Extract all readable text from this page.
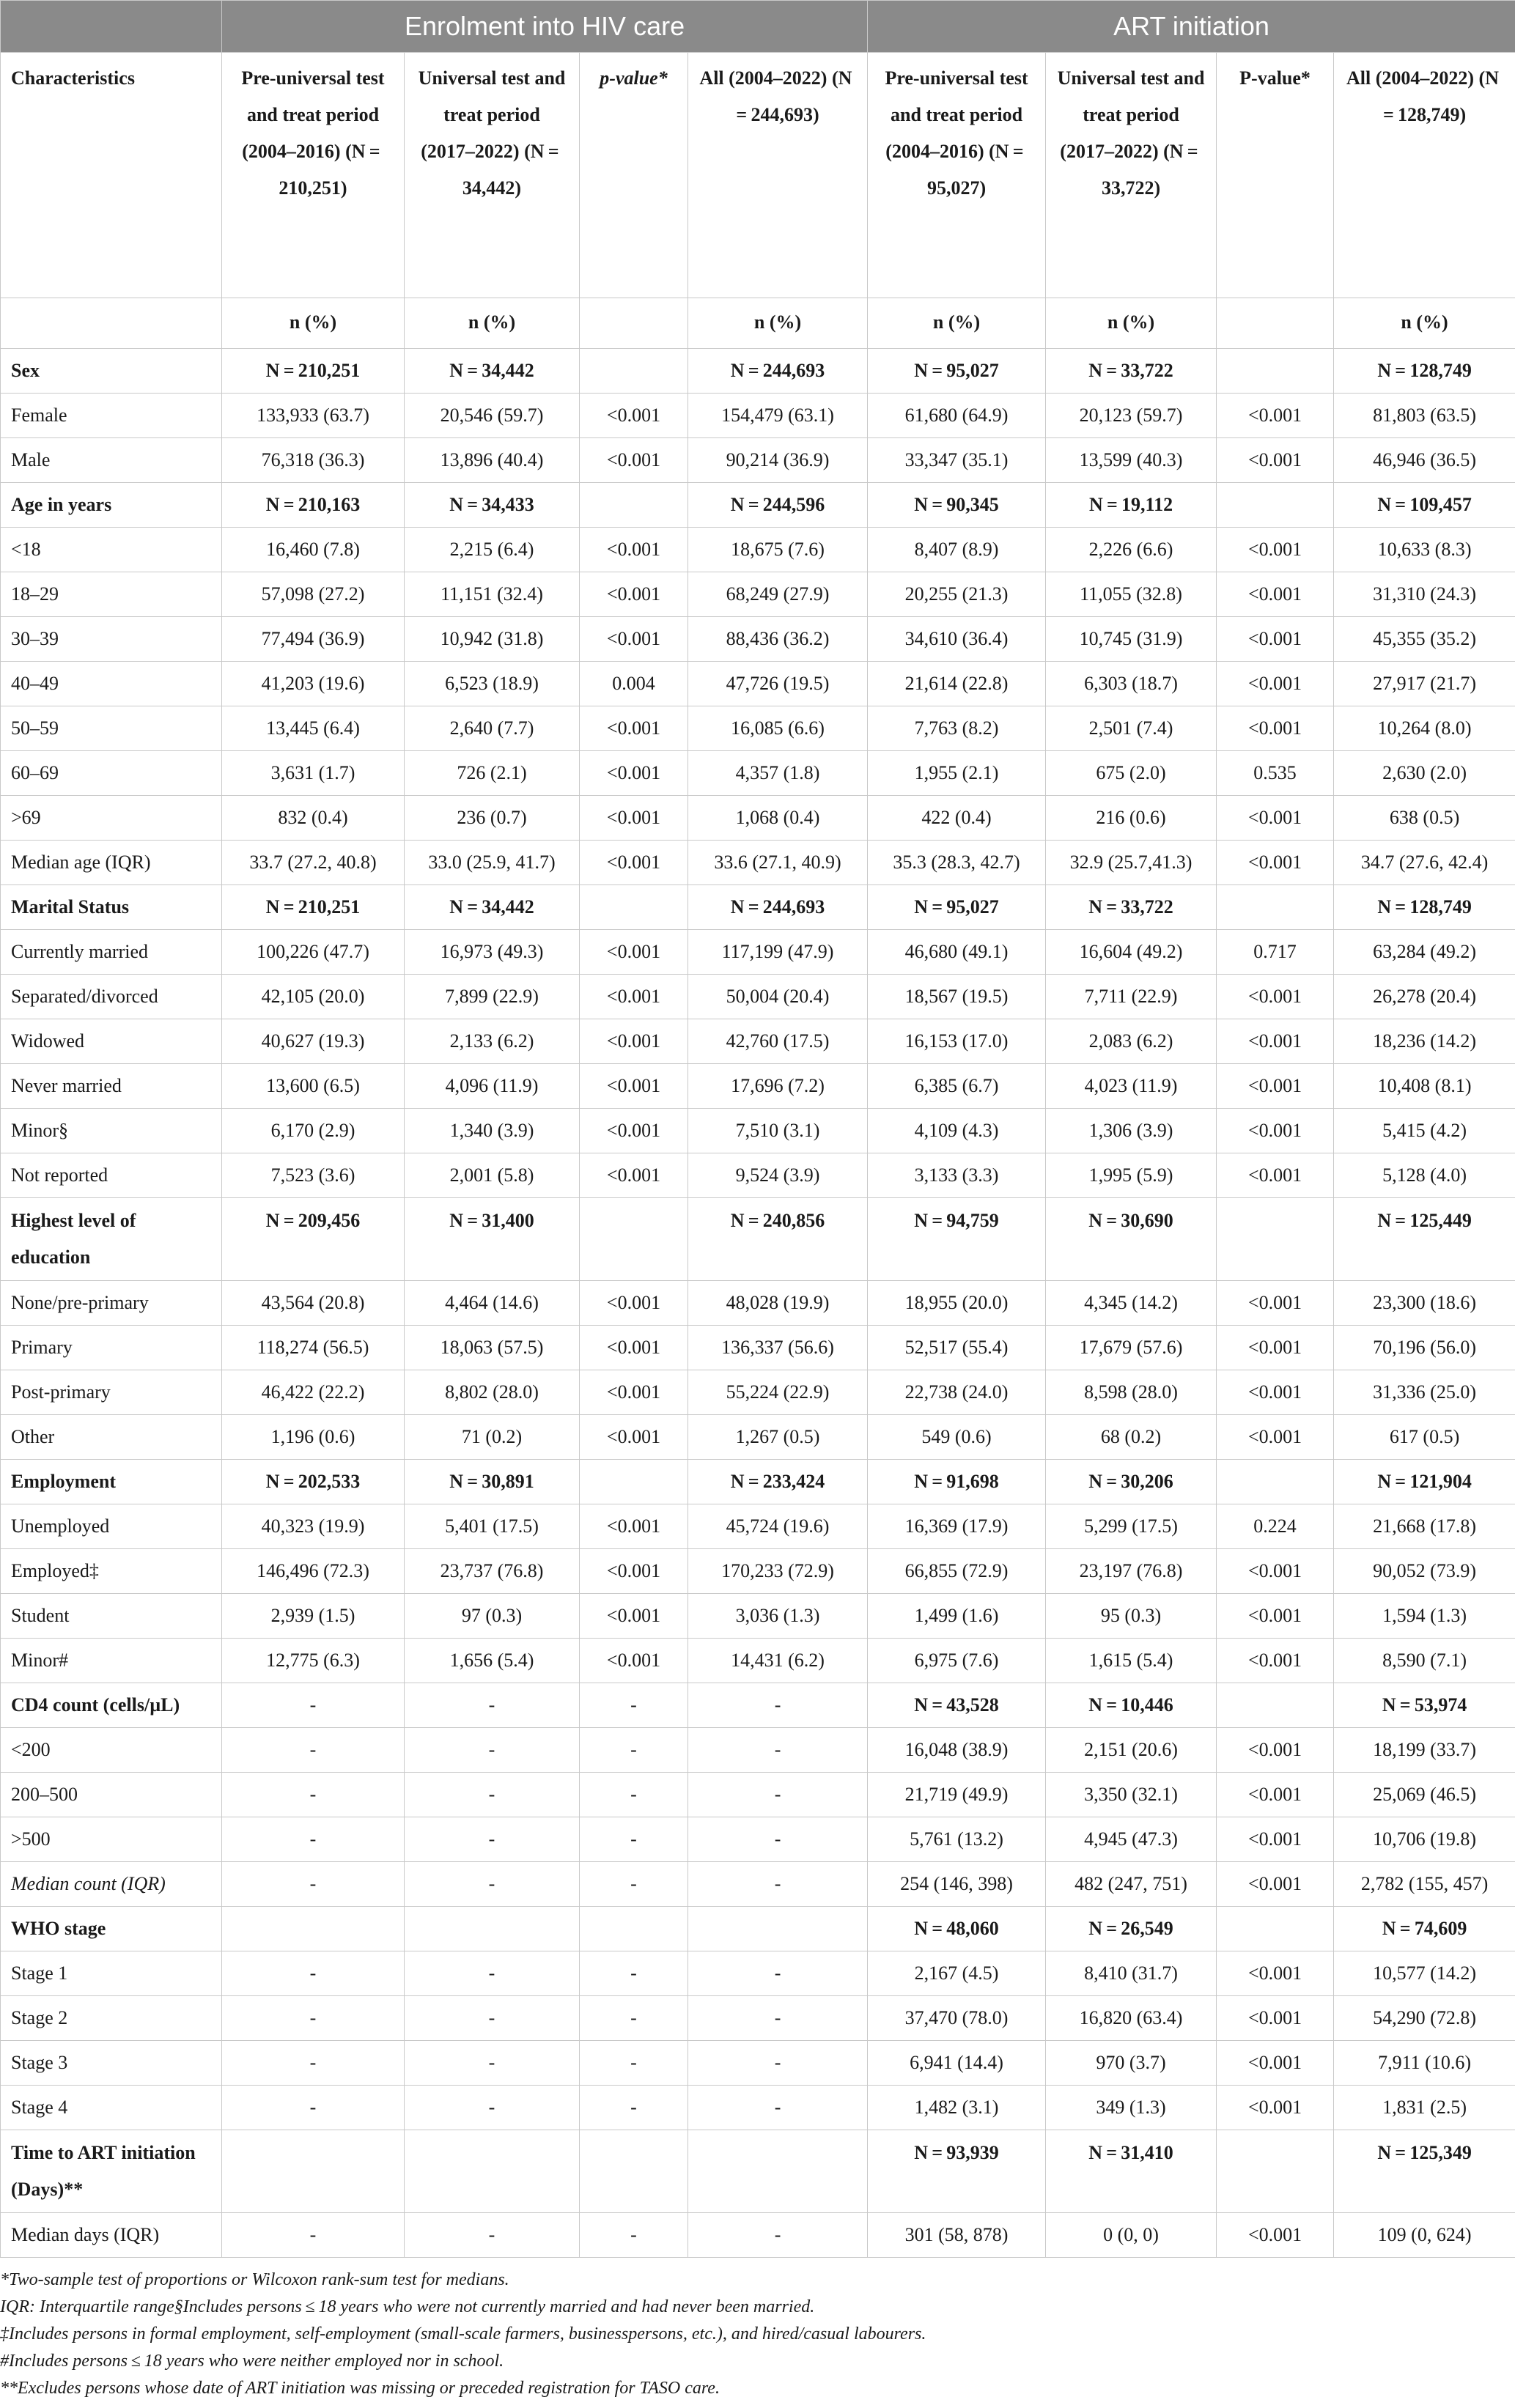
	Enrolment into HIV care				ART initiation			
Characteristics	Pre-universal test and treat period (2004–2016) (N = 210,251)	Universal test and treat period (2017–2022) (N = 34,442)	p-value*	All (2004–2022) (N = 244,693)	Pre-universal test and treat period (2004–2016) (N = 95,027)	Universal test and treat period (2017–2022) (N = 33,722)	P-value*	All (2004–2022) (N = 128,749)
	n (%)	n (%)		n (%)	n (%)	n (%)		n (%)
Sex	N = 210,251	N = 34,442		N = 244,693	N = 95,027	N = 33,722		N = 128,749
Female	133,933 (63.7)	20,546 (59.7)	<0.001	154,479 (63.1)	61,680 (64.9)	20,123 (59.7)	<0.001	81,803 (63.5)
Male	76,318 (36.3)	13,896 (40.4)	<0.001	90,214 (36.9)	33,347 (35.1)	13,599 (40.3)	<0.001	46,946 (36.5)
Age in years	N = 210,163	N = 34,433		N = 244,596	N = 90,345	N = 19,112		N = 109,457
<18	16,460 (7.8)	2,215 (6.4)	<0.001	18,675 (7.6)	8,407 (8.9)	2,226 (6.6)	<0.001	10,633 (8.3)
18–29	57,098 (27.2)	11,151 (32.4)	<0.001	68,249 (27.9)	20,255 (21.3)	11,055 (32.8)	<0.001	31,310 (24.3)
30–39	77,494 (36.9)	10,942 (31.8)	<0.001	88,436 (36.2)	34,610 (36.4)	10,745 (31.9)	<0.001	45,355 (35.2)
40–49	41,203 (19.6)	6,523 (18.9)	0.004	47,726 (19.5)	21,614 (22.8)	6,303 (18.7)	<0.001	27,917 (21.7)
50–59	13,445 (6.4)	2,640 (7.7)	<0.001	16,085 (6.6)	7,763 (8.2)	2,501 (7.4)	<0.001	10,264 (8.0)
60–69	3,631 (1.7)	726 (2.1)	<0.001	4,357 (1.8)	1,955 (2.1)	675 (2.0)	0.535	2,630 (2.0)
>69	832 (0.4)	236 (0.7)	<0.001	1,068 (0.4)	422 (0.4)	216 (0.6)	<0.001	638 (0.5)
Median age (IQR)	33.7 (27.2, 40.8)	33.0 (25.9, 41.7)	<0.001	33.6 (27.1, 40.9)	35.3 (28.3, 42.7)	32.9 (25.7,41.3)	<0.001	34.7 (27.6, 42.4)
Marital Status	N = 210,251	N = 34,442		N = 244,693	N = 95,027	N = 33,722		N = 128,749
Currently married	100,226 (47.7)	16,973 (49.3)	<0.001	117,199 (47.9)	46,680 (49.1)	16,604 (49.2)	0.717	63,284 (49.2)
Separated/divorced	42,105 (20.0)	7,899 (22.9)	<0.001	50,004 (20.4)	18,567 (19.5)	7,711 (22.9)	<0.001	26,278 (20.4)
Widowed	40,627 (19.3)	2,133 (6.2)	<0.001	42,760 (17.5)	16,153 (17.0)	2,083 (6.2)	<0.001	18,236 (14.2)
Never married	13,600 (6.5)	4,096 (11.9)	<0.001	17,696 (7.2)	6,385 (6.7)	4,023 (11.9)	<0.001	10,408 (8.1)
Minor§	6,170 (2.9)	1,340 (3.9)	<0.001	7,510 (3.1)	4,109 (4.3)	1,306 (3.9)	<0.001	5,415 (4.2)
Not reported	7,523 (3.6)	2,001 (5.8)	<0.001	9,524 (3.9)	3,133 (3.3)	1,995 (5.9)	<0.001	5,128 (4.0)
Highest level of education	N = 209,456	N = 31,400		N = 240,856	N = 94,759	N = 30,690		N = 125,449
None/pre-primary	43,564 (20.8)	4,464 (14.6)	<0.001	48,028 (19.9)	18,955 (20.0)	4,345 (14.2)	<0.001	23,300 (18.6)
Primary	118,274 (56.5)	18,063 (57.5)	<0.001	136,337 (56.6)	52,517 (55.4)	17,679 (57.6)	<0.001	70,196 (56.0)
Post-primary	46,422 (22.2)	8,802 (28.0)	<0.001	55,224 (22.9)	22,738 (24.0)	8,598 (28.0)	<0.001	31,336 (25.0)
Other	1,196 (0.6)	71 (0.2)	<0.001	1,267 (0.5)	549 (0.6)	68 (0.2)	<0.001	617 (0.5)
Employment	N = 202,533	N = 30,891		N = 233,424	N = 91,698	N = 30,206		N = 121,904
Unemployed	40,323 (19.9)	5,401 (17.5)	<0.001	45,724 (19.6)	16,369 (17.9)	5,299 (17.5)	0.224	21,668 (17.8)
Employed‡	146,496 (72.3)	23,737 (76.8)	<0.001	170,233 (72.9)	66,855 (72.9)	23,197 (76.8)	<0.001	90,052 (73.9)
Student	2,939 (1.5)	97 (0.3)	<0.001	3,036 (1.3)	1,499 (1.6)	95 (0.3)	<0.001	1,594 (1.3)
Minor#	12,775 (6.3)	1,656 (5.4)	<0.001	14,431 (6.2)	6,975 (7.6)	1,615 (5.4)	<0.001	8,590 (7.1)
CD4 count (cells/µL)	-	-	-	-	N = 43,528	N = 10,446		N = 53,974
<200	-	-	-	-	16,048 (38.9)	2,151 (20.6)	<0.001	18,199 (33.7)
200–500	-	-	-	-	21,719 (49.9)	3,350 (32.1)	<0.001	25,069 (46.5)
>500	-	-	-	-	5,761 (13.2)	4,945 (47.3)	<0.001	10,706 (19.8)
Median count (IQR)	-	-	-	-	254 (146, 398)	482 (247, 751)	<0.001	2,782 (155, 457)
WHO stage					N = 48,060	N = 26,549		N = 74,609
Stage 1	-	-	-	-	2,167 (4.5)	8,410 (31.7)	<0.001	10,577 (14.2)
Stage 2	-	-	-	-	37,470 (78.0)	16,820 (63.4)	<0.001	54,290 (72.8)
Stage 3	-	-	-	-	6,941 (14.4)	970 (3.7)	<0.001	7,911 (10.6)
Stage 4	-	-	-	-	1,482 (3.1)	349 (1.3)	<0.001	1,831 (2.5)
Time to ART initiation (Days)**					N = 93,939	N = 31,410		N = 125,349
Median days (IQR)	-	-	-	-	301 (58, 878)	0 (0, 0)	<0.001	109 (0, 624)
*Two-sample test of proportions or Wilcoxon rank-sum test for medians.
IQR: Interquartile range§Includes persons ≤ 18 years who were not currently married and had never been married.
‡Includes persons in formal employment, self-employment (small-scale farmers, businesspersons, etc.), and hired/casual labourers.
#Includes persons ≤ 18 years who were neither employed nor in school.
**Excludes persons whose date of ART initiation was missing or preceded registration for TASO care.
